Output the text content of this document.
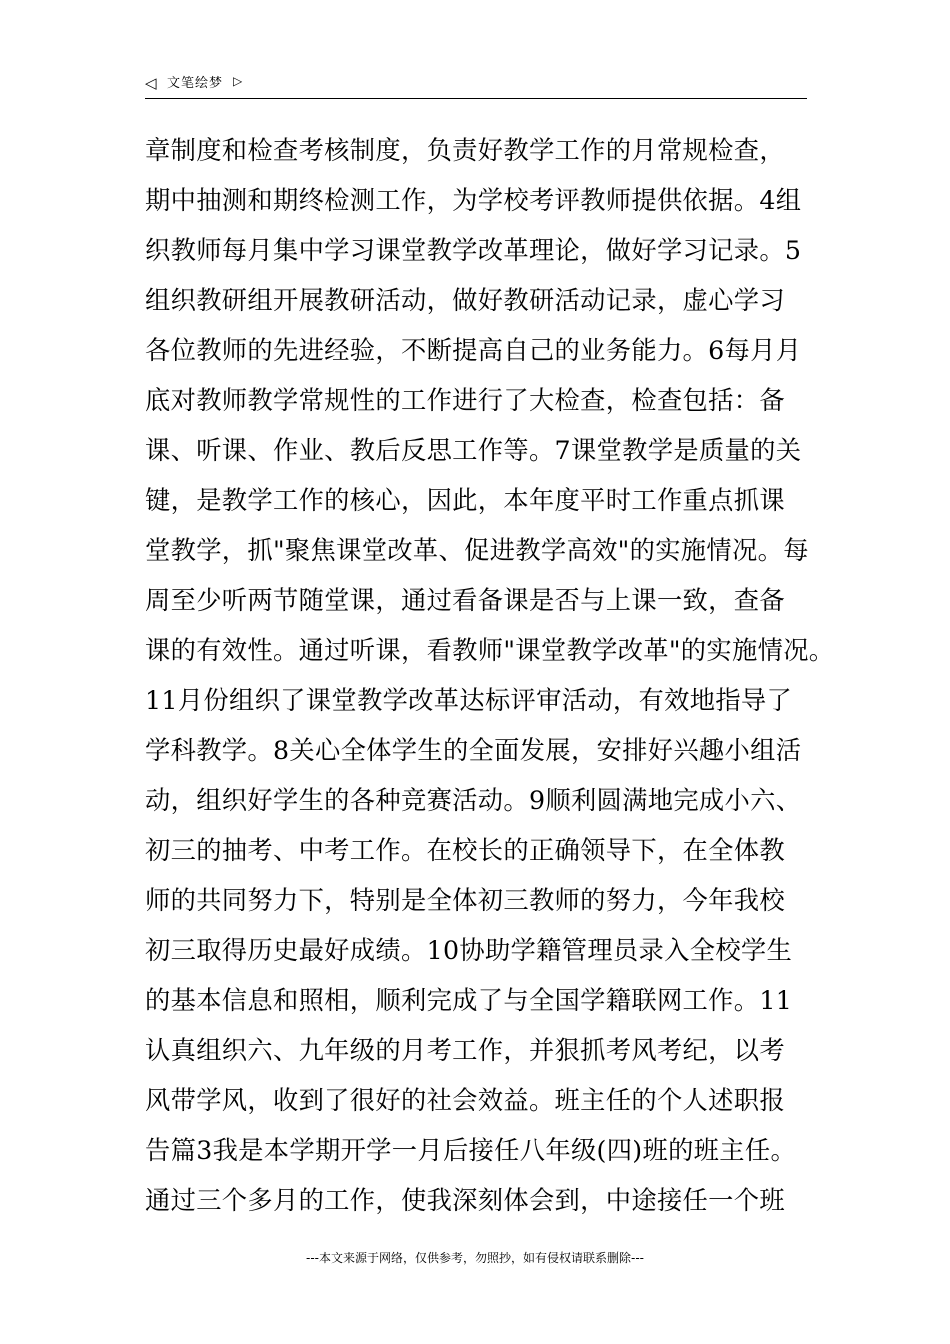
◁ 文笔绘梦 ▷
章制度和检查考核制度，负责好教学工作的月常规检查，
期中抽测和期终检测工作，为学校考评教师提供依据。4组
织教师每月集中学习课堂教学改革理论，做好学习记录。5
组织教研组开展教研活动，做好教研活动记录，虚心学习
各位教师的先进经验，不断提高自己的业务能力。6每月月
底对教师教学常规性的工作进行了大检查，检查包括：备
课、听课、作业、教后反思工作等。7课堂教学是质量的关
键，是教学工作的核心，因此，本年度平时工作重点抓课
堂教学，抓"聚焦课堂改革、促进教学高效"的实施情况。每
周至少听两节随堂课，通过看备课是否与上课一致，查备
课的有效性。通过听课，看教师"课堂教学改革"的实施情况。
11月份组织了课堂教学改革达标评审活动，有效地指导了
学科教学。8关心全体学生的全面发展，安排好兴趣小组活
动，组织好学生的各种竞赛活动。9顺利圆满地完成小六、
初三的抽考、中考工作。在校长的正确领导下，在全体教
师的共同努力下，特别是全体初三教师的努力，今年我校
初三取得历史最好成绩。10协助学籍管理员录入全校学生
的基本信息和照相，顺利完成了与全国学籍联网工作。11
认真组织六、九年级的月考工作，并狠抓考风考纪，以考
风带学风，收到了很好的社会效益。班主任的个人述职报
告篇3我是本学期开学一月后接任八年级(四)班的班主任。
通过三个多月的工作，使我深刻体会到，中途接任一个班
---本文来源于网络，仅供参考，勿照抄，如有侵权请联系删除---
